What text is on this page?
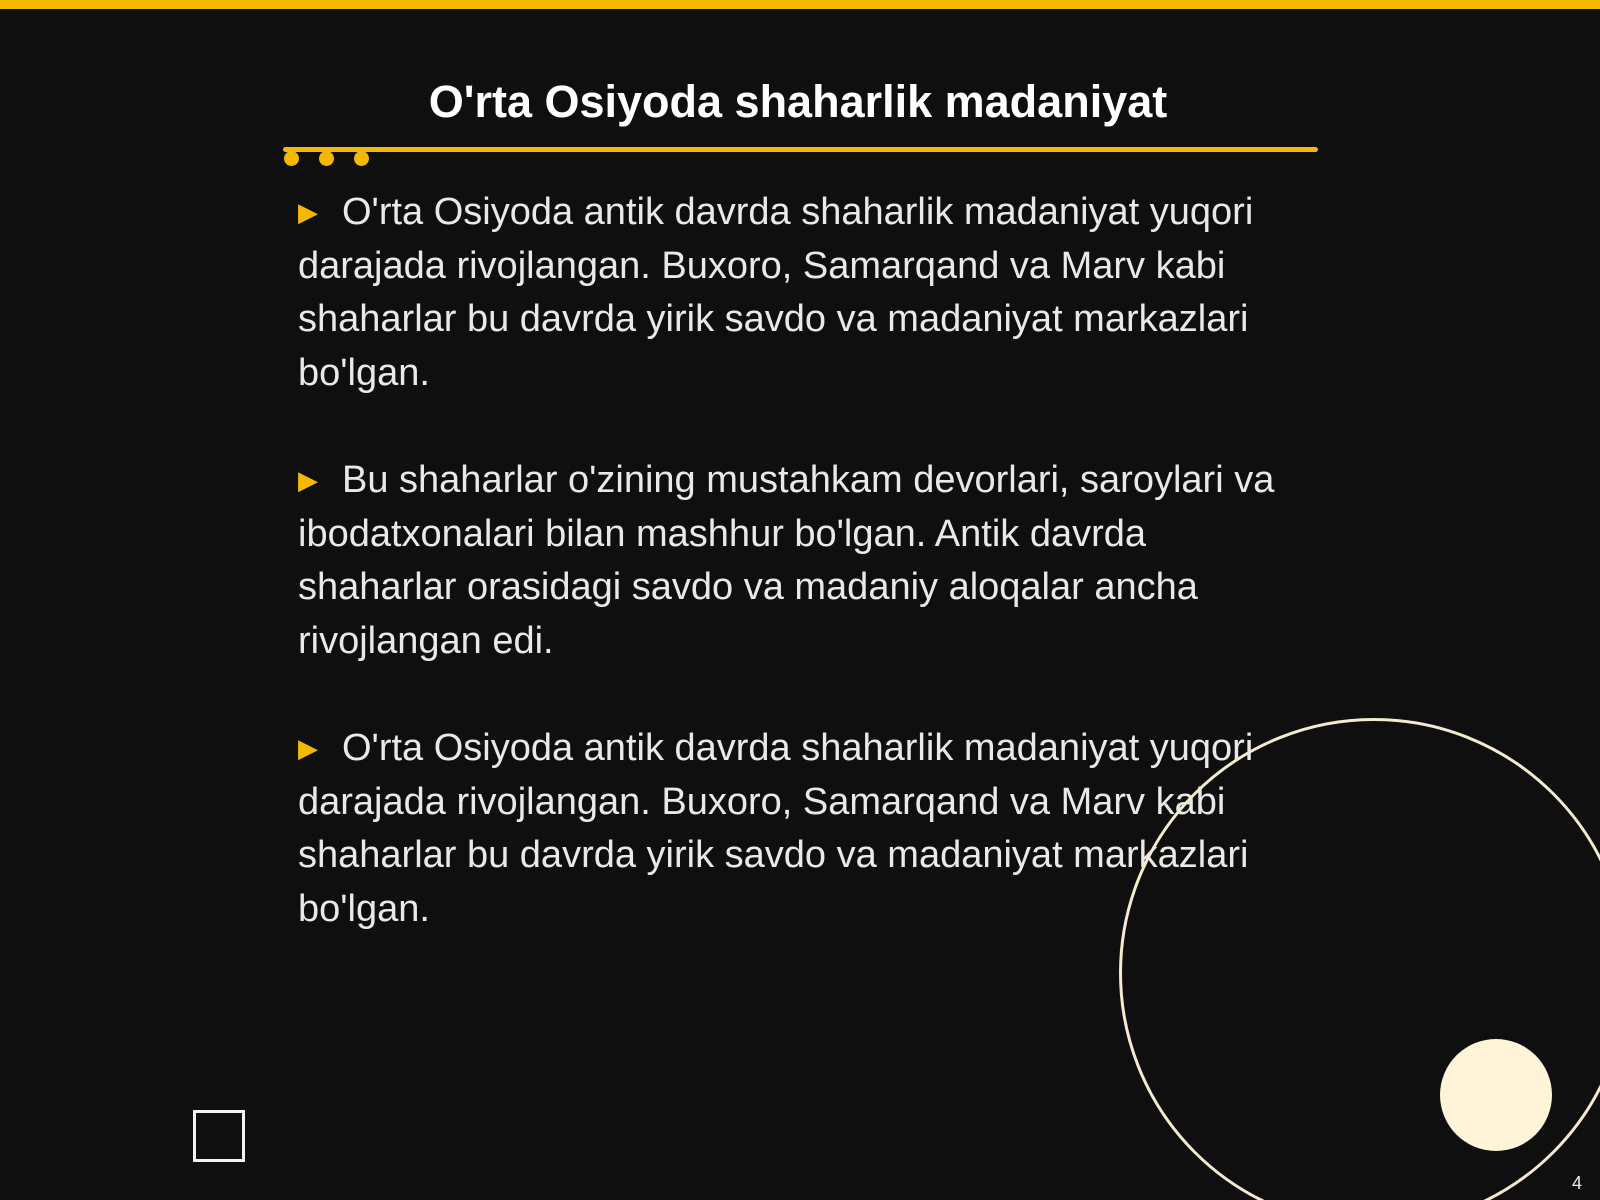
O'rta Osiyoda shaharlik madaniyat

▶ O'rta Osiyoda antik davrda shaharlik madaniyat yuqori darajada rivojlangan. Buxoro, Samarqand va Marv kabi shaharlar bu davrda yirik savdo va madaniyat markazlari bo'lgan.

▶ Bu shaharlar o'zining mustahkam devorlari, saroylari va ibodatxonalari bilan mashhur bo'lgan. Antik davrda shaharlar orasidagi savdo va madaniy aloqalar ancha rivojlangan edi.

▶ O'rta Osiyoda antik davrda shaharlik madaniyat yuqori darajada rivojlangan. Buxoro, Samarqand va Marv kabi shaharlar bu davrda yirik savdo va madaniyat markazlari bo'lgan.

4
